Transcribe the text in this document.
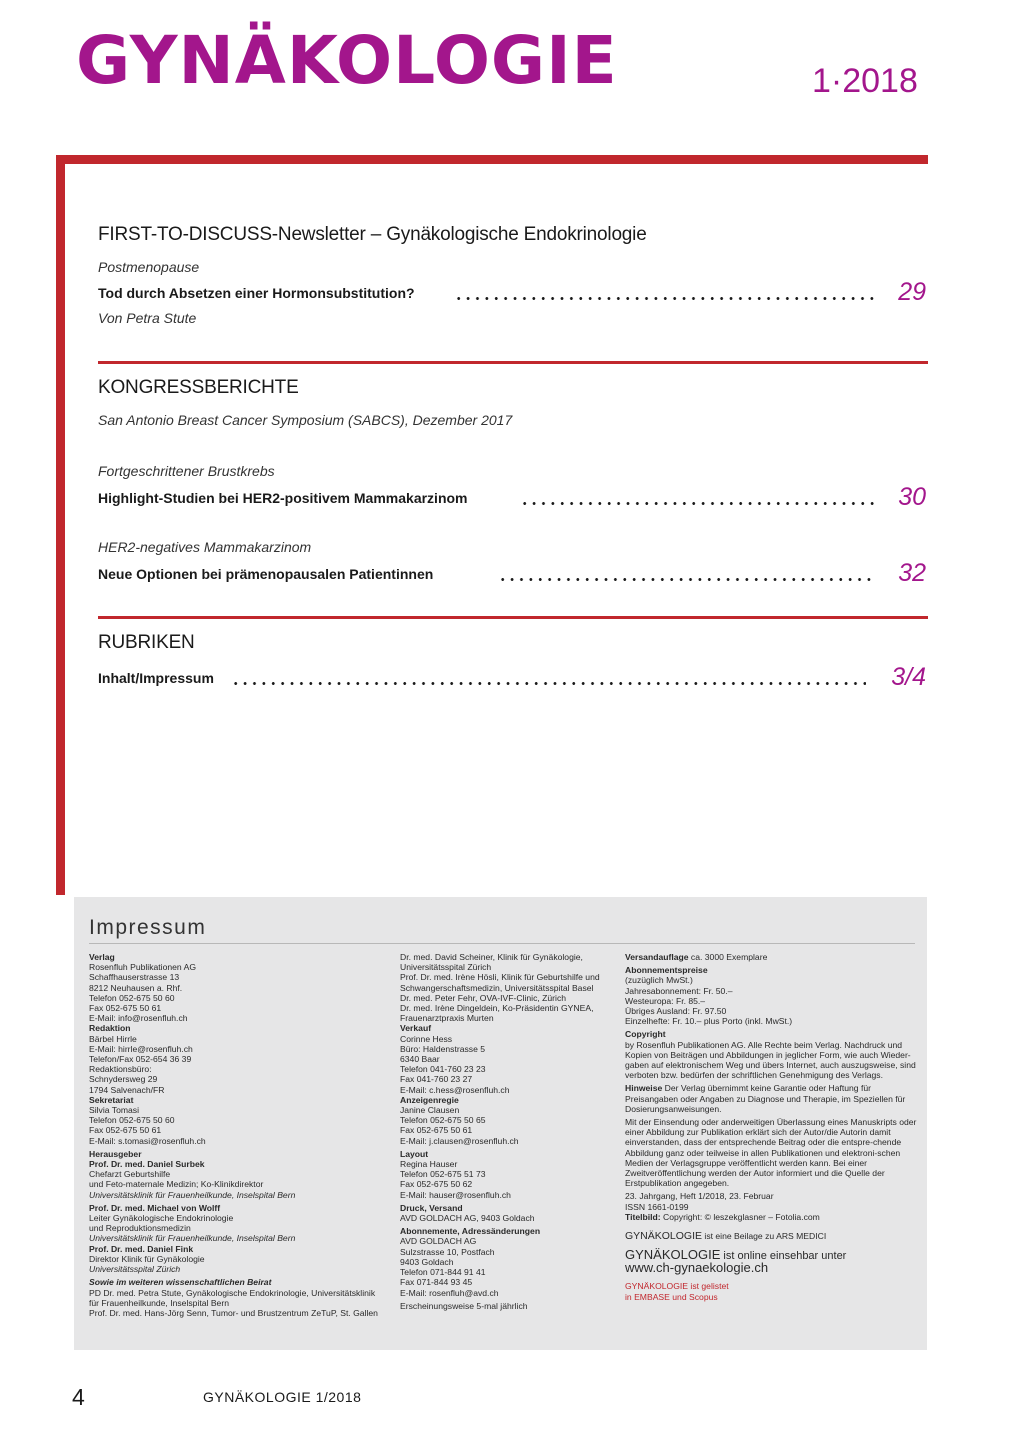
GYNÄKOLOGIE	1·2018
FIRST-TO-DISCUSS-Newsletter – Gynäkologische Endokrinologie
Postmenopause
Tod durch Absetzen einer Hormonsubstitution?	29
Von Petra Stute
KONGRESSBERICHTE
San Antonio Breast Cancer Symposium (SABCS), Dezember 2017
Fortgeschrittener Brustkrebs
Highlight-Studien bei HER2-positivem Mammakarzinom	30
HER2-negatives Mammakarzinom
Neue Optionen bei prämenopausalen Patientinnen	32
RUBRIKEN
Inhalt/Impressum	3/4
Impressum
Verlag
Rosenfluh Publikationen AG
Schaffhauserstrasse 13
8212 Neuhausen a. Rhf.
Telefon 052-675 50 60
Fax 052-675 50 61
E-Mail: info@rosenfluh.ch
Redaktion
Bärbel Hirrle
E-Mail: hirrle@rosenfluh.ch
Telefon/Fax 052-654 36 39
Redaktionsbüro:
Schnydersweg 29
1794 Salvenach/FR
Sekretariat
Silvia Tomasi
Telefon 052-675 50 60
Fax 052-675 50 61
E-Mail: s.tomasi@rosenfluh.ch
Herausgeber
Prof. Dr. med. Daniel Surbek
Chefarzt Geburtshilfe
und Feto-maternale Medizin; Ko-Klinikdirektor
Universitätsklinik für Frauenheilkunde, Inselspital Bern
Prof. Dr. med. Michael von Wolff
Leiter Gynäkologische Endokrinologie
und Reproduktionsmedizin
Universitätsklinik für Frauenheilkunde, Inselspital Bern
Prof. Dr. med. Daniel Fink
Direktor Klinik für Gynäkologie
Universitätsspital Zürich
Sowie im weiteren wissenschaftlichen Beirat
PD Dr. med. Petra Stute, Gynäkologische Endokrinologie, Universitätsklinik
für Frauenheilkunde, Inselspital Bern
Prof. Dr. med. Hans-Jörg Senn, Tumor- und Brustzentrum ZeTuP, St. Gallen
Dr. med. David Scheiner, Klinik für Gynäkologie,
Universitätsspital Zürich
Prof. Dr. med. Irène Hösli, Klinik für Geburtshilfe und
Schwangerschaftsmedizin, Universitätsspital Basel
Dr. med. Peter Fehr, OVA-IVF-Clinic, Zürich
Dr. med. Irène Dingeldein, Ko-Präsidentin GYNEA,
Frauenarztpraxis Murten
Verkauf
Corinne Hess
Büro: Haldenstrasse 5
6340 Baar
Telefon 041-760 23 23
Fax 041-760 23 27
E-Mail: c.hess@rosenfluh.ch
Anzeigenregie
Janine Clausen
Telefon 052-675 50 65
Fax 052-675 50 61
E-Mail: j.clausen@rosenfluh.ch
Layout
Regina Hauser
Telefon 052-675 51 73
Fax 052-675 50 62
E-Mail: hauser@rosenfluh.ch
Druck, Versand
AVD GOLDACH AG, 9403 Goldach
Abonnemente, Adressänderungen
AVD GOLDACH AG
Sulzstrasse 10, Postfach
9403 Goldach
Telefon 071-844 91 41
Fax 071-844 93 45
E-Mail: rosenfluh@avd.ch
Erscheinungsweise 5-mal jährlich
Versandauflage ca. 3000 Exemplare
Abonnementspreise
(zuzüglich MwSt.)
Jahresabonnement: Fr. 50.–
Westeuropa: Fr. 85.–
Übriges Ausland: Fr. 97.50
Einzelhefte: Fr. 10.– plus Porto (inkl. MwSt.)
Copyright
by Rosenfluh Publikationen AG. Alle Rechte beim Verlag. Nachdruck und Kopien von Beiträgen und Abbildungen in jeglicher Form, wie auch Wieder-gaben auf elektronischem Weg und übers Internet, auch auszugsweise, sind verboten bzw. bedürfen der schriftlichen Genehmigung des Verlags.
Hinweise Der Verlag übernimmt keine Garantie oder Haftung für Preisangaben oder Angaben zu Diagnose und Therapie, im Speziellen für Dosierungsanweisungen.
Mit der Einsendung oder anderweitigen Überlassung eines Manuskripts oder einer Abbildung zur Publikation erklärt sich der Autor/die Autorin damit einverstanden, dass der entsprechende Beitrag oder die entspre-chende Abbildung ganz oder teilweise in allen Publikationen und elektroni-schen Medien der Verlagsgruppe veröffentlicht werden kann. Bei einer Zweitveröffentlichung werden der Autor informiert und die Quelle der Erstpublikation angegeben.
23. Jahrgang, Heft 1/2018, 23. Februar
ISSN 1661-0199
Titelbild: Copyright: © leszekglasner – Fotolia.com
GYNÄKOLOGIE ist eine Beilage zu ARS MEDICI
GYNÄKOLOGIE ist online einsehbar unter
www.ch-gynaekologie.ch
GYNÄKOLOGIE ist gelistet
in EMBASE und Scopus
4	GYNÄKOLOGIE 1/2018
